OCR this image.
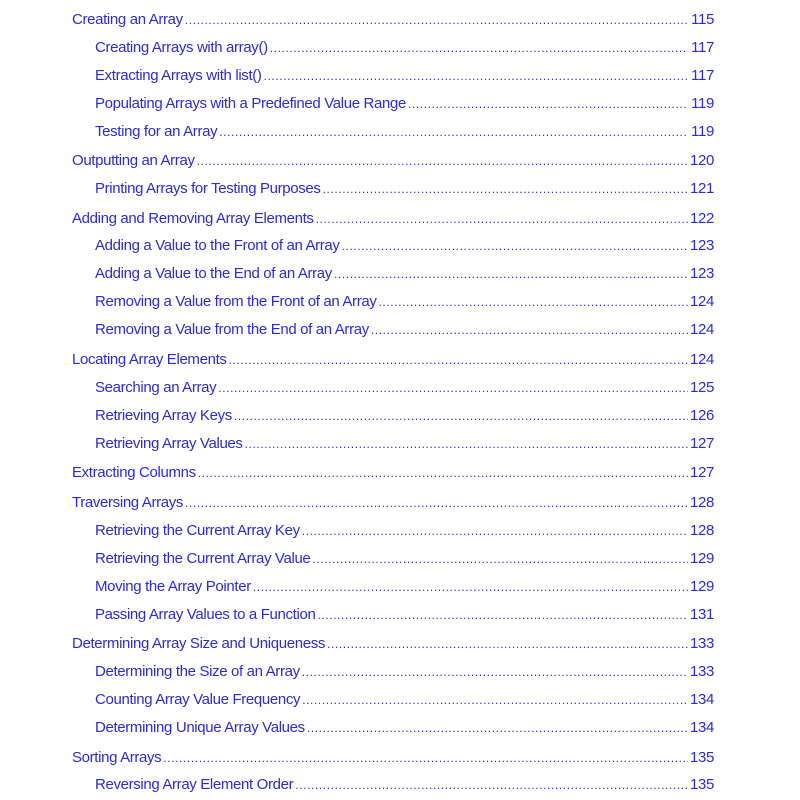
Creating an Array .....	115
Creating Arrays with array() .....	117
Extracting Arrays with list() .....	117
Populating Arrays with a Predefined Value Range .....	119
Testing for an Array .....	119
Outputting an Array .....	120
Printing Arrays for Testing Purposes .....	121
Adding and Removing Array Elements .....	122
Adding a Value to the Front of an Array .....	123
Adding a Value to the End of an Array .....	123
Removing a Value from the Front of an Array .....	124
Removing a Value from the End of an Array .....	124
Locating Array Elements .....	124
Searching an Array .....	125
Retrieving Array Keys .....	126
Retrieving Array Values .....	127
Extracting Columns .....	127
Traversing Arrays .....	128
Retrieving the Current Array Key .....	128
Retrieving the Current Array Value .....	129
Moving the Array Pointer .....	129
Passing Array Values to a Function .....	131
Determining Array Size and Uniqueness .....	133
Determining the Size of an Array .....	133
Counting Array Value Frequency .....	134
Determining Unique Array Values .....	134
Sorting Arrays .....	135
Reversing Array Element Order .....	135
